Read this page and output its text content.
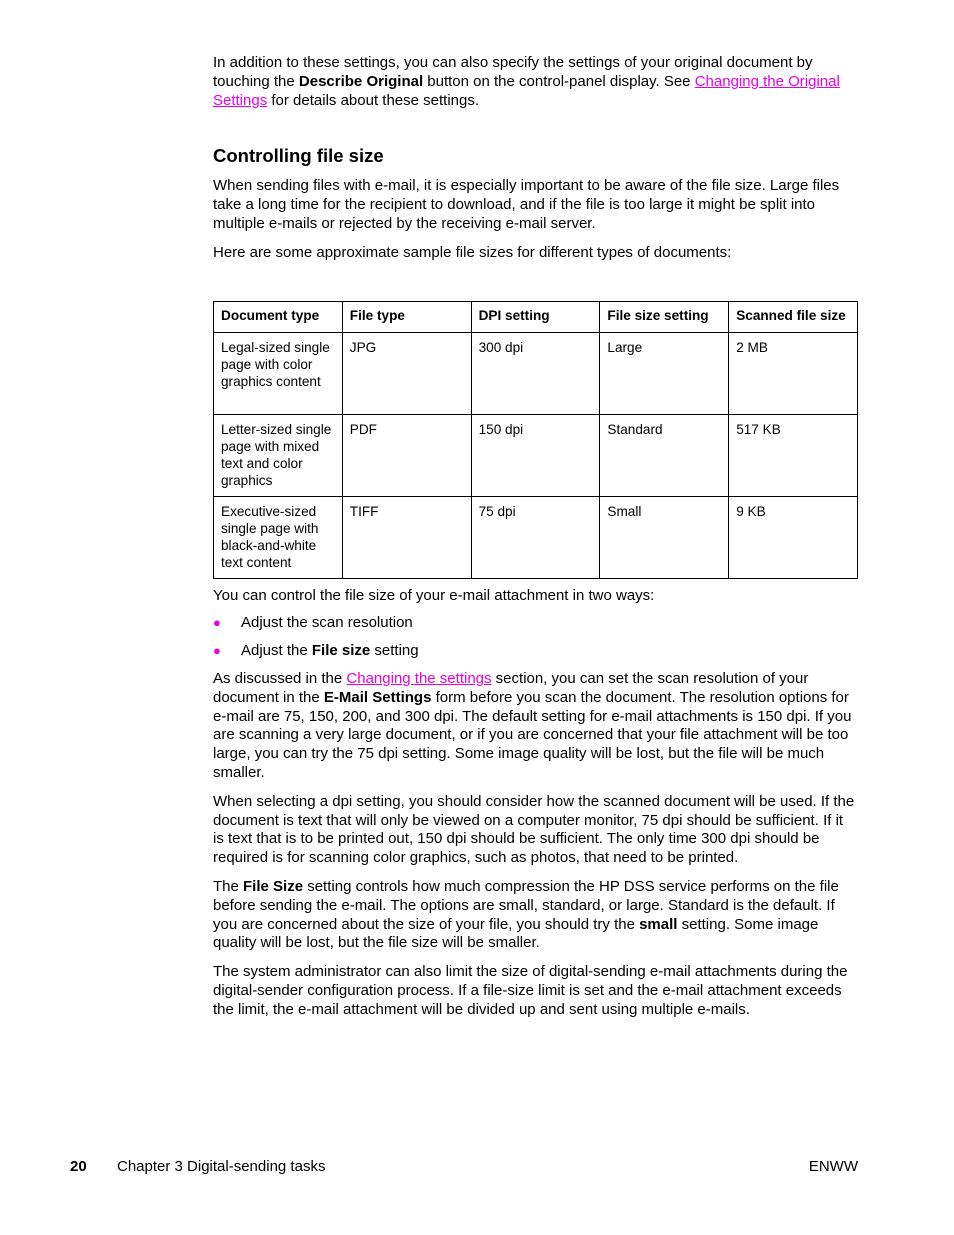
In addition to these settings, you can also specify the settings of your original document by touching the Describe Original button on the control-panel display. See Changing the Original Settings for details about these settings.

Controlling file size

When sending files with e-mail, it is especially important to be aware of the file size. Large files take a long time for the recipient to download, and if the file is too large it might be split into multiple e-mails or rejected by the receiving e-mail server.

Here are some approximate sample file sizes for different types of documents:

Document type	File type	DPI setting	File size setting	Scanned file size
Legal-sized single page with color graphics content	JPG	300 dpi	Large	2 MB
Letter-sized single page with mixed text and color graphics	PDF	150 dpi	Standard	517 KB
Executive-sized single page with black-and-white text content	TIFF	75 dpi	Small	9 KB

You can control the file size of your e-mail attachment in two ways:

● Adjust the scan resolution
● Adjust the File size setting

As discussed in the Changing the settings section, you can set the scan resolution of your document in the E-Mail Settings form before you scan the document. The resolution options for e-mail are 75, 150, 200, and 300 dpi. The default setting for e-mail attachments is 150 dpi. If you are scanning a very large document, or if you are concerned that your file attachment will be too large, you can try the 75 dpi setting. Some image quality will be lost, but the file will be much smaller.

When selecting a dpi setting, you should consider how the scanned document will be used. If the document is text that will only be viewed on a computer monitor, 75 dpi should be sufficient. If it is text that is to be printed out, 150 dpi should be sufficient. The only time 300 dpi should be required is for scanning color graphics, such as photos, that need to be printed.

The File Size setting controls how much compression the HP DSS service performs on the file before sending the e-mail. The options are small, standard, or large. Standard is the default. If you are concerned about the size of your file, you should try the small setting. Some image quality will be lost, but the file size will be smaller.

The system administrator can also limit the size of digital-sending e-mail attachments during the digital-sender configuration process. If a file-size limit is set and the e-mail attachment exceeds the limit, the e-mail attachment will be divided up and sent using multiple e-mails.

20 Chapter 3 Digital-sending tasks	ENWW
